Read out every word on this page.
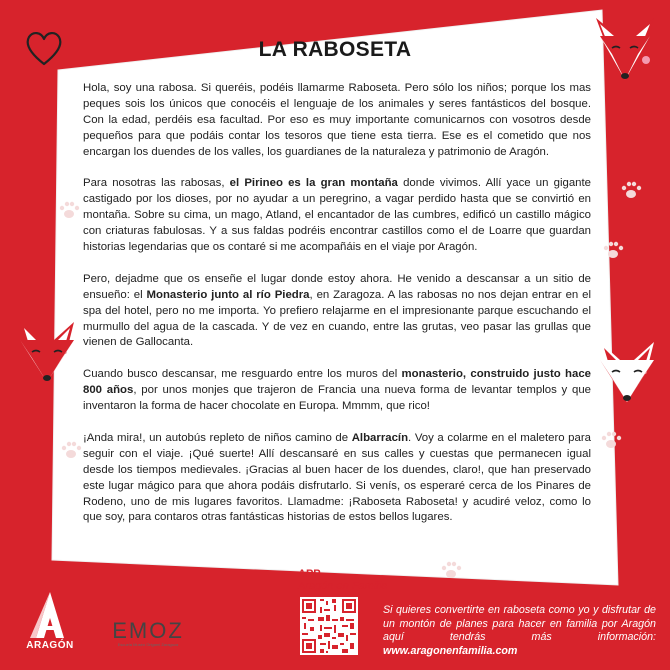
LA RABOSETA

Hola, soy una rabosa. Si queréis, podéis llamarme Raboseta. Pero sólo los niños; porque los mas peques sois los únicos que conocéis el lenguaje de los animales y seres fantásticos del bosque. Con la edad, perdéis esa facultad. Por eso es muy importante comunicarnos con vosotros desde pequeños para que podáis contar los tesoros que tiene esta tierra. Ese es el cometido que nos encargan los duendes de los valles, los guardianes de la naturaleza y patrimonio de Aragón.

Para nosotras las rabosas, el Pirineo es la gran montaña donde vivimos. Allí yace un gigante castigado por los dioses, por no ayudar a un peregrino, a vagar perdido hasta que se convirtió en montaña. Sobre su cima, un mago, Atland, el encantador de las cumbres, edificó un castillo mágico con criaturas fabulosas. Y a sus faldas podréis encontrar castillos como el de Loarre que guardan historias legendarias que os contaré si me acompañáis en el viaje por Aragón.

Pero, dejadme que os enseñe el lugar donde estoy ahora. He venido a descansar a un sitio de ensueño: el Monasterio junto al río Piedra, en Zaragoza. A las rabosas no nos dejan entrar en el spa del hotel, pero no me importa. Yo prefiero relajarme en el impresionante parque escuchando el murmullo del agua de la cascada. Y de vez en cuando, entre las grutas, veo pasar las grullas que vienen de Gallocanta.

Cuando busco descansar, me resguardo entre los muros del monasterio, construido justo hace 800 años, por unos monjes que trajeron de Francia una nueva forma de levantar templos y que inventaron la forma de hacer chocolate en Europa. Mmmm, que rico!

¡Anda mira!, un autobús repleto de niños camino de Albarracín. Voy a colarme en el maletero para seguir con el viaje. ¡Qué suerte! Allí descansaré en sus calles y cuestas que permanecen igual desde los tiempos medievales. ¡Gracias al buen hacer de los duendes, claro!, que han preservado este lugar mágico para que ahora podáis disfrutarlo. Si venís, os esperaré cerca de los Pinares de Rodeno, uno de mis lugares favoritos. Llamadme: ¡Raboseta Raboseta! y acudiré veloz, como lo que soy, para contaros otras fantásticas historias de estos bellos lugares.

APP
Aragón en Familia
ARAGÓN
EMOZ
Escuela Museo Origami Zaragoza
Si quieres convertirte en raboseta como yo y disfrutar de un montón de planes para hacer en familia por Aragón aquí tendrás más información: www.aragonenfamilia.com
